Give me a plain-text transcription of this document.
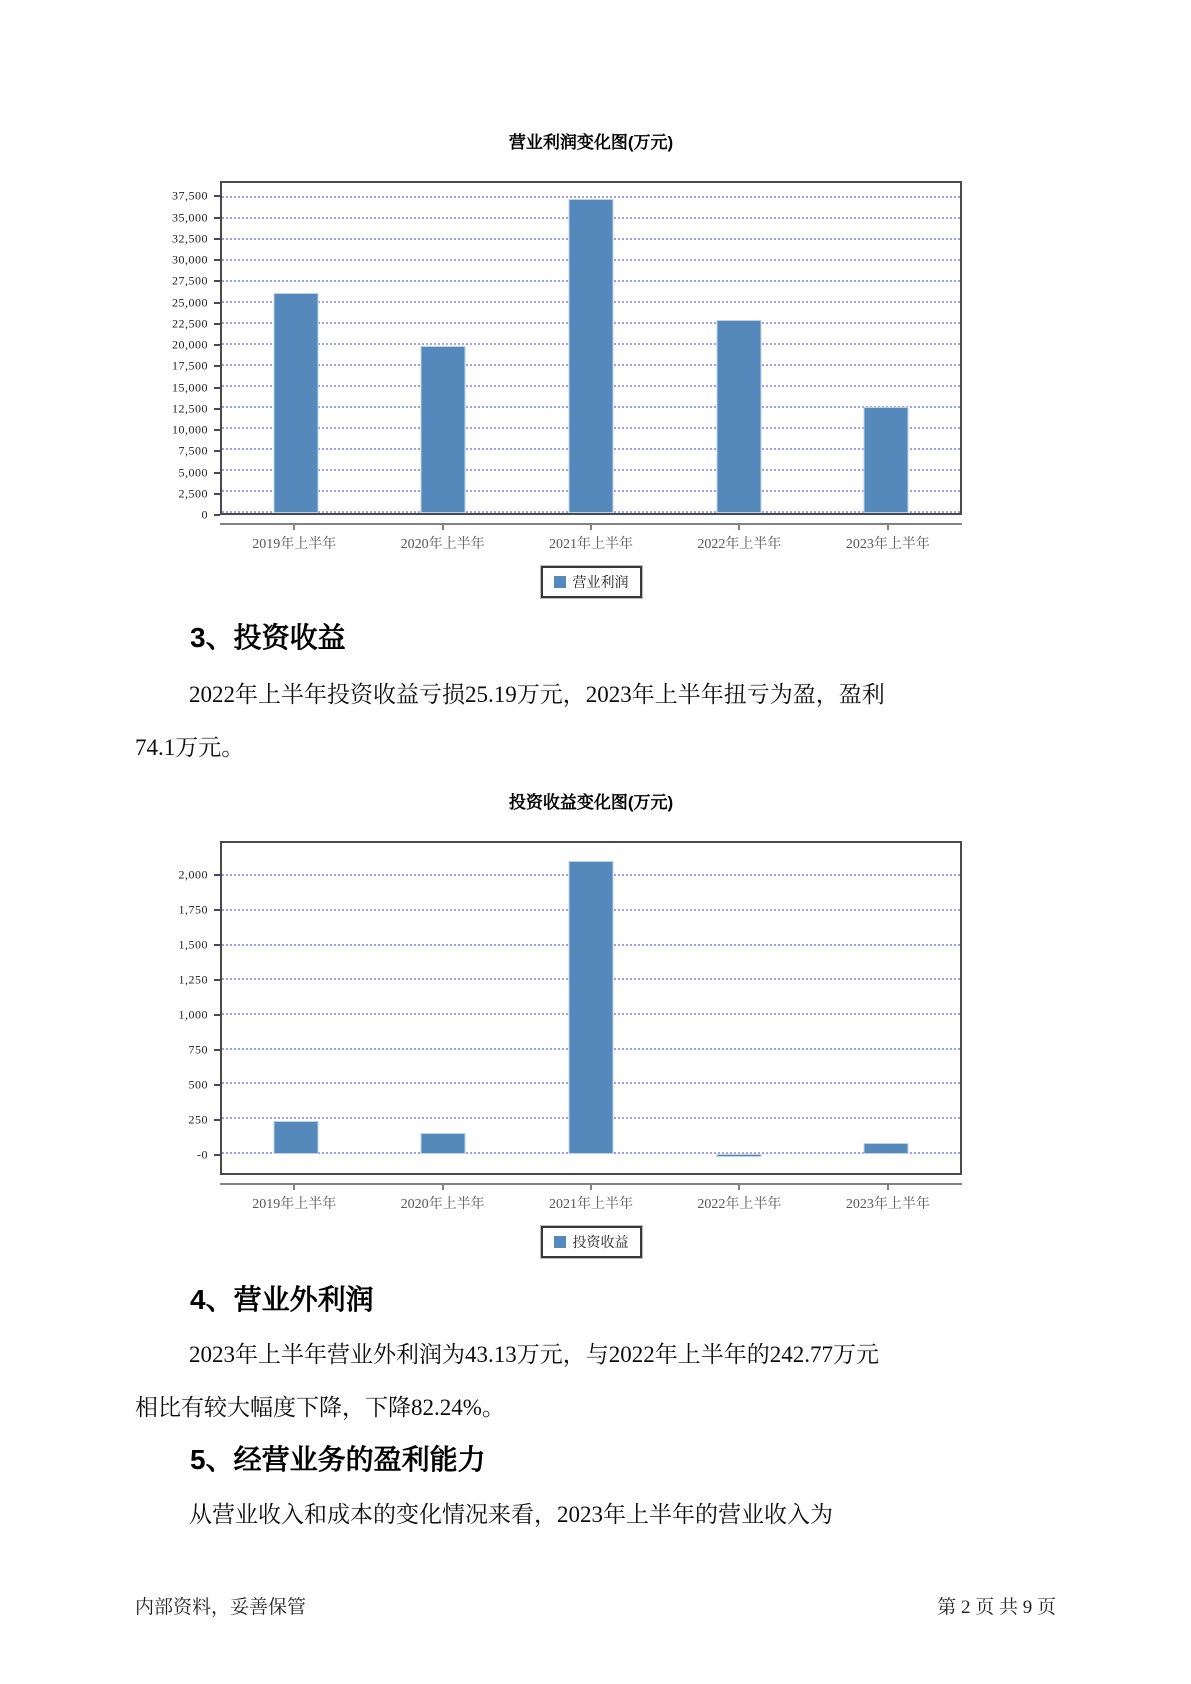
营业利润变化图(万元)
0
2,500
5,000
7,500
10,000
12,500
15,000
17,500
20,000
22,500
25,000
27,500
30,000
32,500
35,000
37,500
2019年上半年	2020年上半年	2021年上半年	2022年上半年	2023年上半年
营业利润
3、投资收益

2022年上半年投资收益亏损25.19万元，2023年上半年扭亏为盈，盈利

74.1万元。

投资收益变化图(万元)
-0
250
500
750
1,000
1,250
1,500
1,750
2,000
2019年上半年	2020年上半年	2021年上半年	2022年上半年	2023年上半年
投资收益
4、营业外利润

2023年上半年营业外利润为43.13万元，与2022年上半年的242.77万元

相比有较大幅度下降，下降82.24%。

5、经营业务的盈利能力

从营业收入和成本的变化情况来看，2023年上半年的营业收入为

内部资料，妥善保管	第 2 页 共 9 页
